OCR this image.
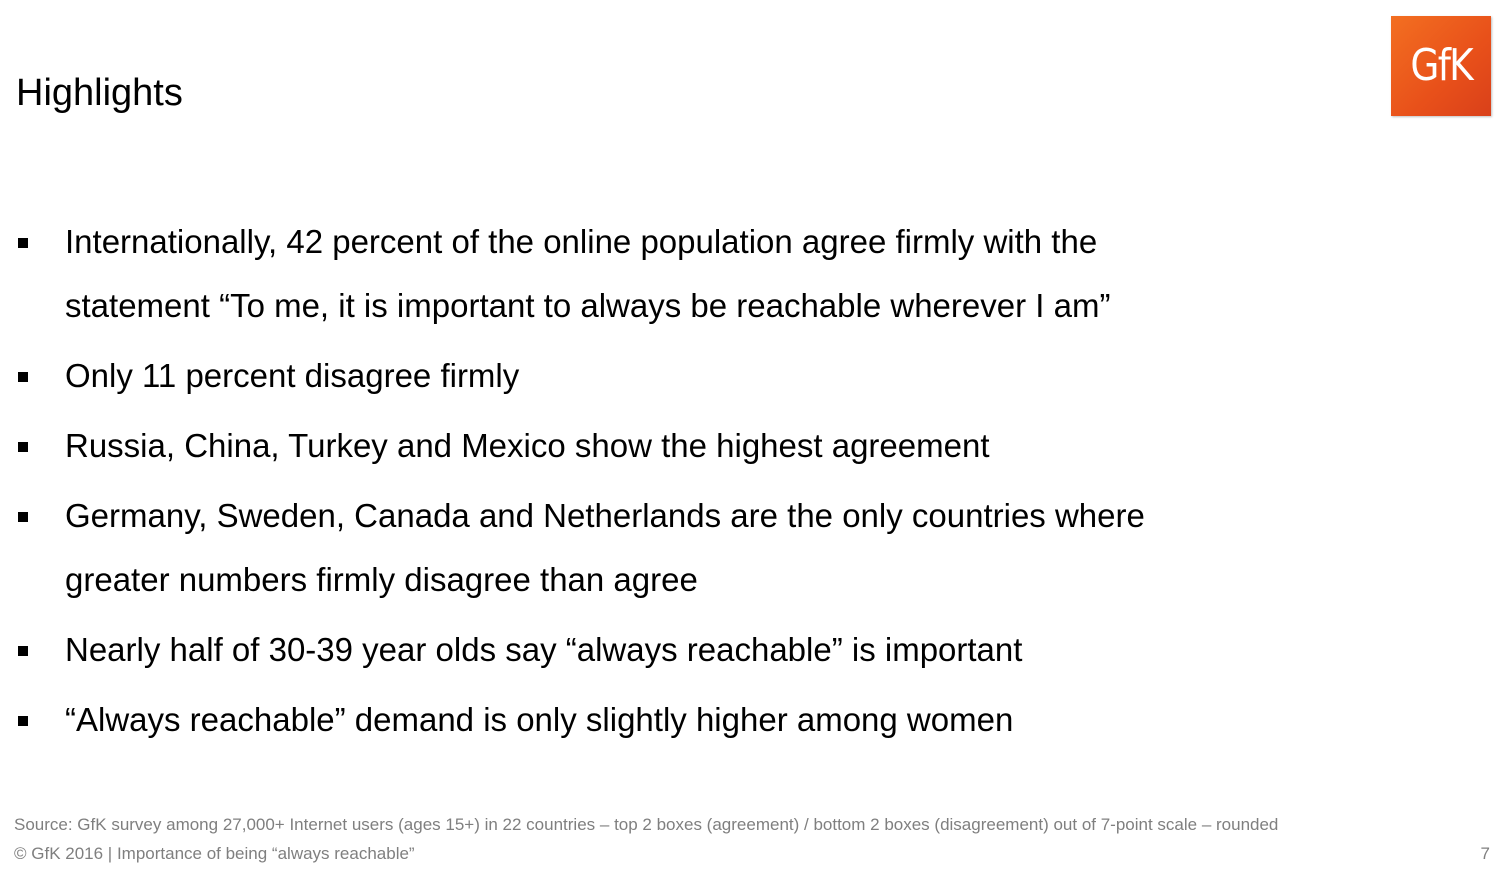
Highlights
GfK
Internationally, 42 percent of the online population agree firmly with the statement “To me, it is important to always be reachable wherever I am”
Only 11 percent disagree firmly
Russia, China, Turkey and Mexico show the highest agreement
Germany, Sweden, Canada and Netherlands are the only countries where greater numbers firmly disagree than agree
Nearly half of 30-39 year olds say “always reachable” is important
“Always reachable” demand is only slightly higher among women
Source: GfK survey among 27,000+ Internet users (ages 15+) in 22 countries – top 2 boxes (agreement) / bottom 2 boxes (disagreement) out of 7-point scale – rounded
© GfK 2016 | Importance of being “always reachable”	7
